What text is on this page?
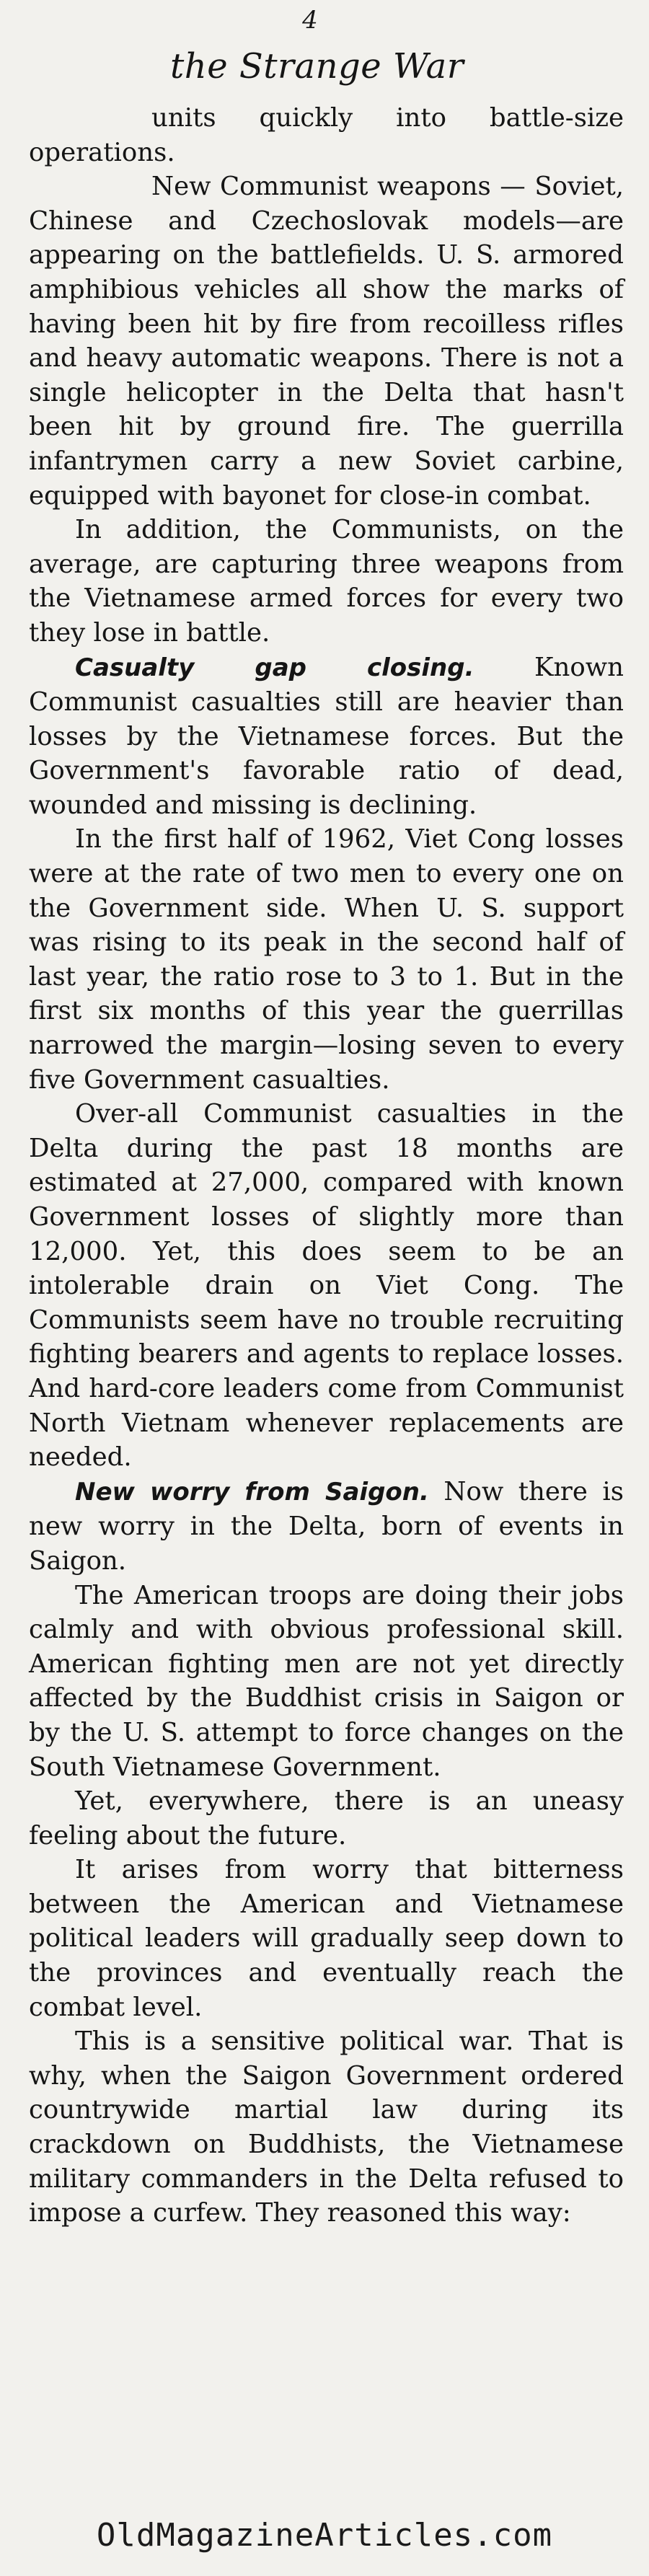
4
the Strange War

units quickly into battle-size operations.

New Communist weapons — Soviet, Chinese and Czechoslovak models—are appearing on the battlefields. U. S. armored amphibious vehicles all show the marks of having been hit by fire from recoilless rifles and heavy automatic weapons. There is not a single helicopter in the Delta that hasn't been hit by ground fire. The guerrilla infantrymen carry a new Soviet carbine, equipped with bayonet for close-in combat.

In addition, the Communists, on the average, are capturing three weapons from the Vietnamese armed forces for every two they lose in battle.

Casualty gap closing. Known Communist casualties still are heavier than losses by the Vietnamese forces. But the Government's favorable ratio of dead, wounded and missing is declining.

In the first half of 1962, Viet Cong losses were at the rate of two men to every one on the Government side. When U. S. support was rising to its peak in the second half of last year, the ratio rose to 3 to 1. But in the first six months of this year the guerrillas narrowed the margin—losing seven to every five Government casualties.

Over-all Communist casualties in the Delta during the past 18 months are estimated at 27,000, compared with known Government losses of slightly more than 12,000. Yet, this does seem to be an intolerable drain on Viet Cong. The Communists seem have no trouble recruiting fighting bearers and agents to replace losses. And hard-core leaders come from Communist North Vietnam whenever replacements are needed.

New worry from Saigon. Now there is new worry in the Delta, born of events in Saigon.

The American troops are doing their jobs calmly and with obvious professional skill. American fighting men are not yet directly affected by the Buddhist crisis in Saigon or by the U. S. attempt to force changes on the South Vietnamese Government.

Yet, everywhere, there is an uneasy feeling about the future.

It arises from worry that bitterness between the American and Vietnamese political leaders will gradually seep down to the provinces and eventually reach the combat level.

This is a sensitive political war. That is why, when the Saigon Government ordered countrywide martial law during its crackdown on Buddhists, the Vietnamese military commanders in the Delta refused to impose a curfew. They reasoned this way:

OldMagazineArticles.com
